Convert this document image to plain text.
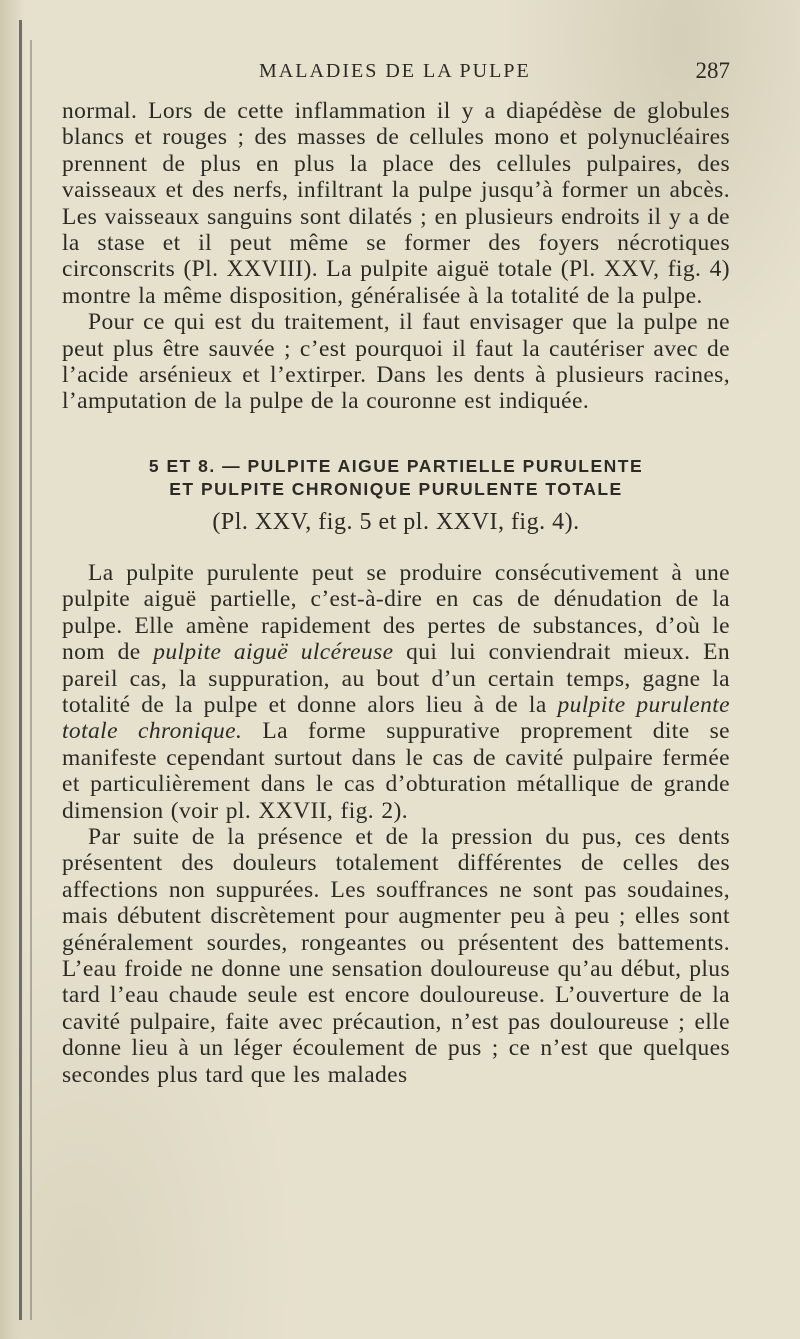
MALADIES DE LA PULPE	287

normal. Lors de cette inflammation il y a diapédèse de globules blancs et rouges ; des masses de cellules mono et polynucléaires prennent de plus en plus la place des cellules pulpaires, des vaisseaux et des nerfs, infiltrant la pulpe jusqu’à former un abcès. Les vaisseaux sanguins sont dilatés ; en plusieurs endroits il y a de la stase et il peut même se former des foyers nécrotiques circonscrits (Pl. XXVIII). La pulpite aiguë totale (Pl. XXV, fig. 4) montre la même disposition, généralisée à la totalité de la pulpe.

Pour ce qui est du traitement, il faut envisager que la pulpe ne peut plus être sauvée ; c’est pourquoi il faut la cautériser avec de l’acide arsénieux et l’extirper. Dans les dents à plusieurs racines, l’amputation de la pulpe de la couronne est indiquée.

5 ET 8. — PULPITE AIGUE PARTIELLE PURULENTE

ET PULPITE CHRONIQUE PURULENTE TOTALE

(Pl. XXV, fig. 5 et pl. XXVI, fig. 4).

La pulpite purulente peut se produire consécutivement à une pulpite aiguë partielle, c’est-à-dire en cas de dénudation de la pulpe. Elle amène rapidement des pertes de substances, d’où le nom de pulpite aiguë ulcéreuse qui lui conviendrait mieux. En pareil cas, la suppuration, au bout d’un certain temps, gagne la totalité de la pulpe et donne alors lieu à de la pulpite purulente totale chronique. La forme suppurative proprement dite se manifeste cependant surtout dans le cas de cavité pulpaire fermée et particulièrement dans le cas d’obturation métallique de grande dimension (voir pl. XXVII, fig. 2).

Par suite de la présence et de la pression du pus, ces dents présentent des douleurs totalement différentes de celles des affections non suppurées. Les souffrances ne sont pas soudaines, mais débutent discrètement pour augmenter peu à peu ; elles sont généralement sourdes, rongeantes ou présentent des battements. L’eau froide ne donne une sensation douloureuse qu’au début, plus tard l’eau chaude seule est encore douloureuse. L’ouverture de la cavité pulpaire, faite avec précaution, n’est pas douloureuse ; elle donne lieu à un léger écoulement de pus ; ce n’est que quelques secondes plus tard que les malades
